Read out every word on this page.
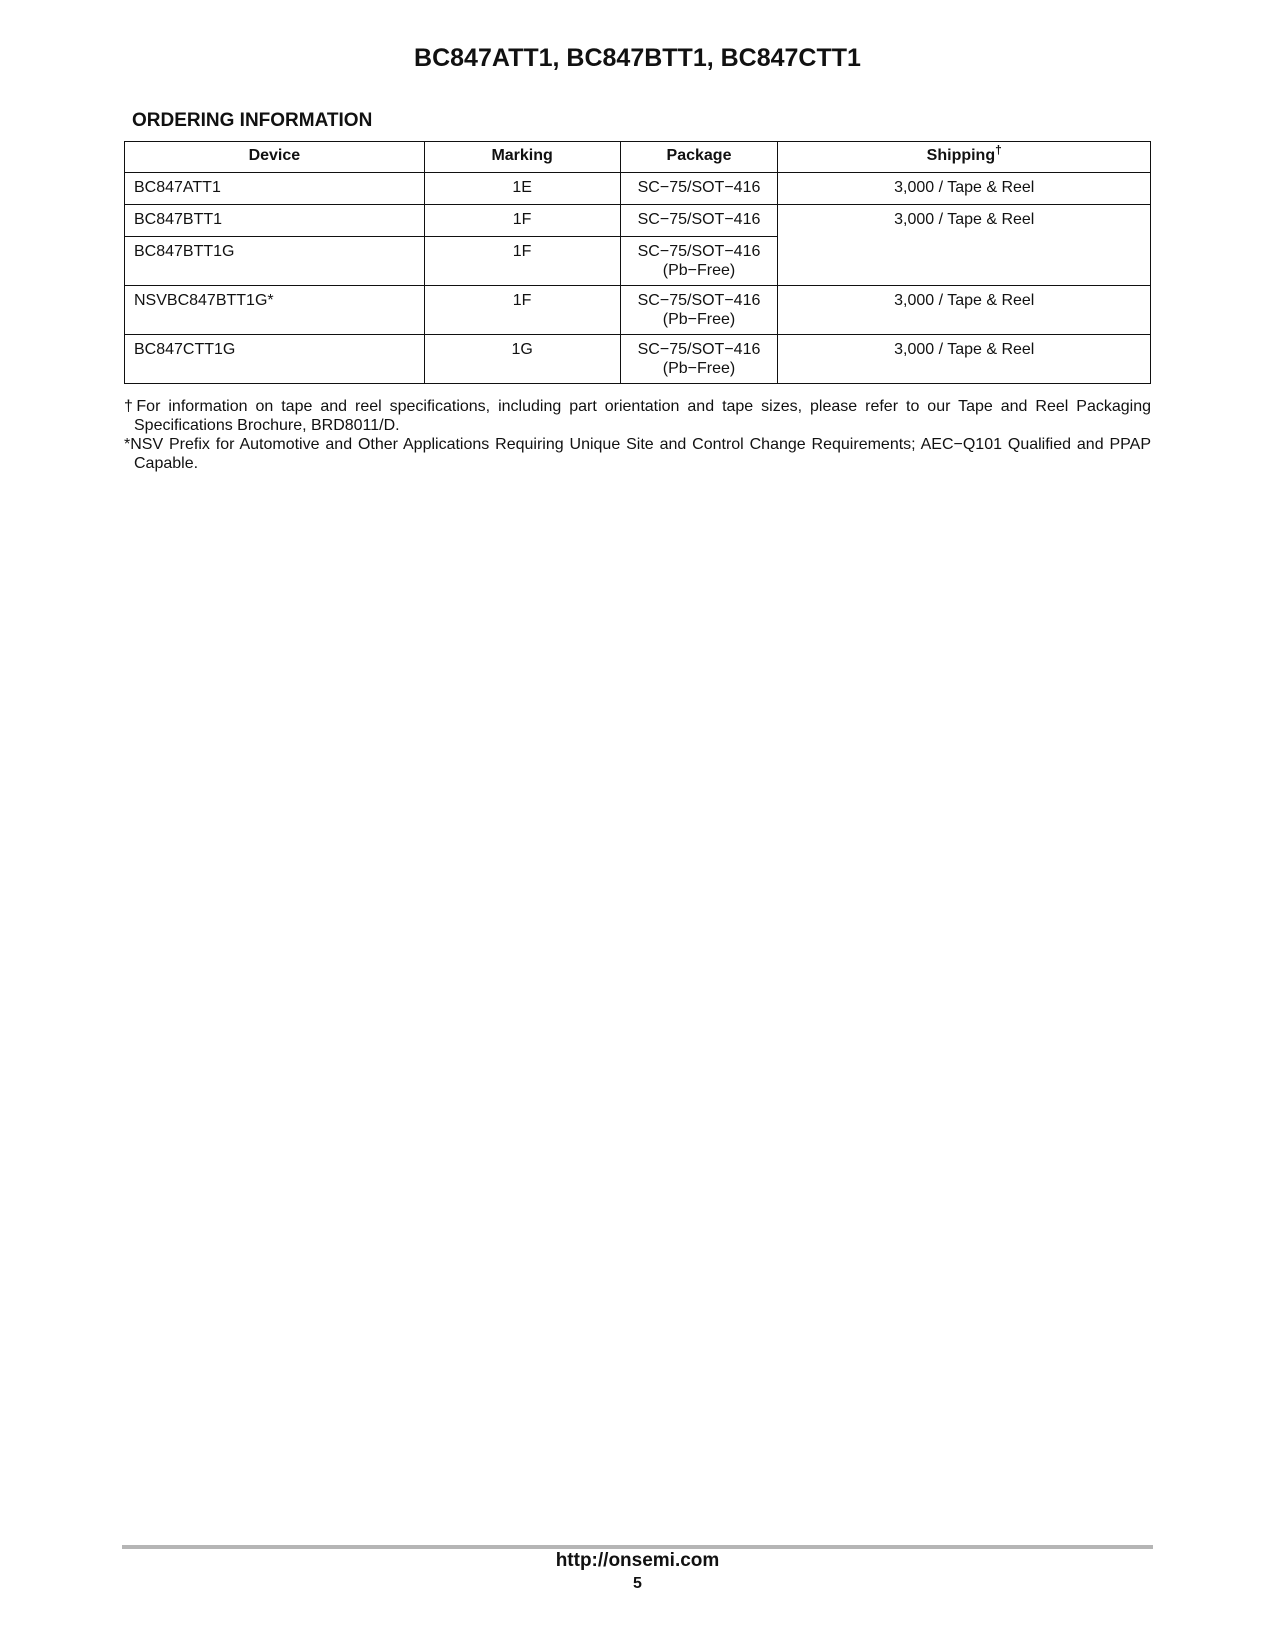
BC847ATT1, BC847BTT1, BC847CTT1
ORDERING INFORMATION
Device	Marking	Package	Shipping†
BC847ATT1	1E	SC−75/SOT−416	3,000 / Tape & Reel
BC847BTT1	1F	SC−75/SOT−416	3,000 / Tape & Reel
BC847BTT1G	1F	SC−75/SOT−416
(Pb−Free)	
NSVBC847BTT1G*	1F	SC−75/SOT−416
(Pb−Free)	3,000 / Tape & Reel
BC847CTT1G	1G	SC−75/SOT−416
(Pb−Free)	3,000 / Tape & Reel

†For information on tape and reel specifications, including part orientation and tape sizes, please refer to our Tape and Reel Packaging Specifications Brochure, BRD8011/D.

*NSV Prefix for Automotive and Other Applications Requiring Unique Site and Control Change Requirements; AEC−Q101 Qualified and PPAP Capable.

http://onsemi.com
5
